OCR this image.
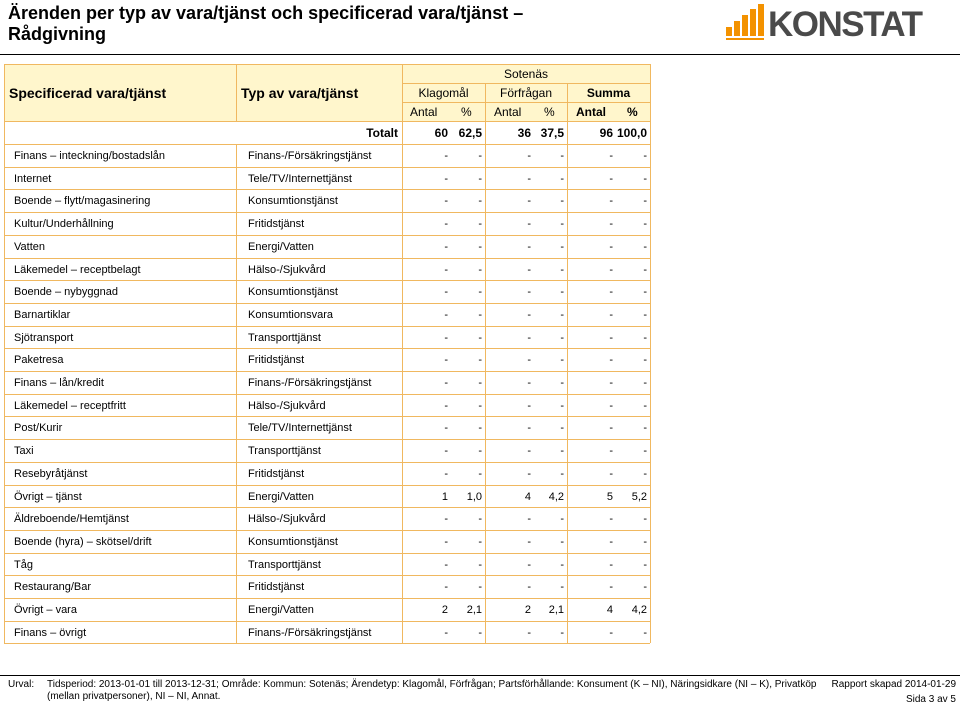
Ärenden per typ av vara/tjänst och specificerad vara/tjänst –
Rådgivning	KONSTAT
Specificerad vara/tjänst	Typ av vara/tjänst
Sotenäs
Klagomål	Förfrågan	Summa
Antal % Antal % Antal %
Totalt	60 62,5	36 37,5	96 100,0
Finans – inteckning/bostadslån	Finans-/Försäkringstjänst	-	-	-	-	-	-
Internet	Tele/TV/Internettjänst	-	-	-	-	-	-
Boende – flytt/magasinering	Konsumtionstjänst	-	-	-	-	-	-
Kultur/Underhållning	Fritidstjänst	-	-	-	-	-	-
Vatten	Energi/Vatten	-	-	-	-	-	-
Läkemedel – receptbelagt	Hälso-/Sjukvård	-	-	-	-	-	-
Boende – nybyggnad	Konsumtionstjänst	-	-	-	-	-	-
Barnartiklar	Konsumtionsvara	-	-	-	-	-	-
Sjötransport	Transporttjänst	-	-	-	-	-	-
Paketresa	Fritidstjänst	-	-	-	-	-	-
Finans – lån/kredit	Finans-/Försäkringstjänst	-	-	-	-	-	-
Läkemedel – receptfritt	Hälso-/Sjukvård	-	-	-	-	-	-
Post/Kurir	Tele/TV/Internettjänst	-	-	-	-	-	-
Taxi	Transporttjänst	-	-	-	-	-	-
Resebyråtjänst	Fritidstjänst	-	-	-	-	-	-
Övrigt – tjänst	Energi/Vatten	1	1,0	4	4,2	5	5,2
Äldreboende/Hemtjänst	Hälso-/Sjukvård	-	-	-	-	-	-
Boende (hyra) – skötsel/drift	Konsumtionstjänst	-	-	-	-	-	-
Tåg	Transporttjänst	-	-	-	-	-	-
Restaurang/Bar	Fritidstjänst	-	-	-	-	-	-
Övrigt – vara	Energi/Vatten	2	2,1	2	2,1	4	4,2
Finans – övrigt	Finans-/Försäkringstjänst	-	-	-	-	-	-
Urval: Tidsperiod: 2013-01-01 till 2013-12-31; Område: Kommun: Sotenäs; Ärendetyp: Klagomål, Förfrågan; Partsförhållande: Konsument (K – NI), Näringsidkare (NI – K), Privatköp
(mellan privatpersoner), NI – NI, Annat.
Rapport skapad 2014-01-29
Sida 3 av 5
